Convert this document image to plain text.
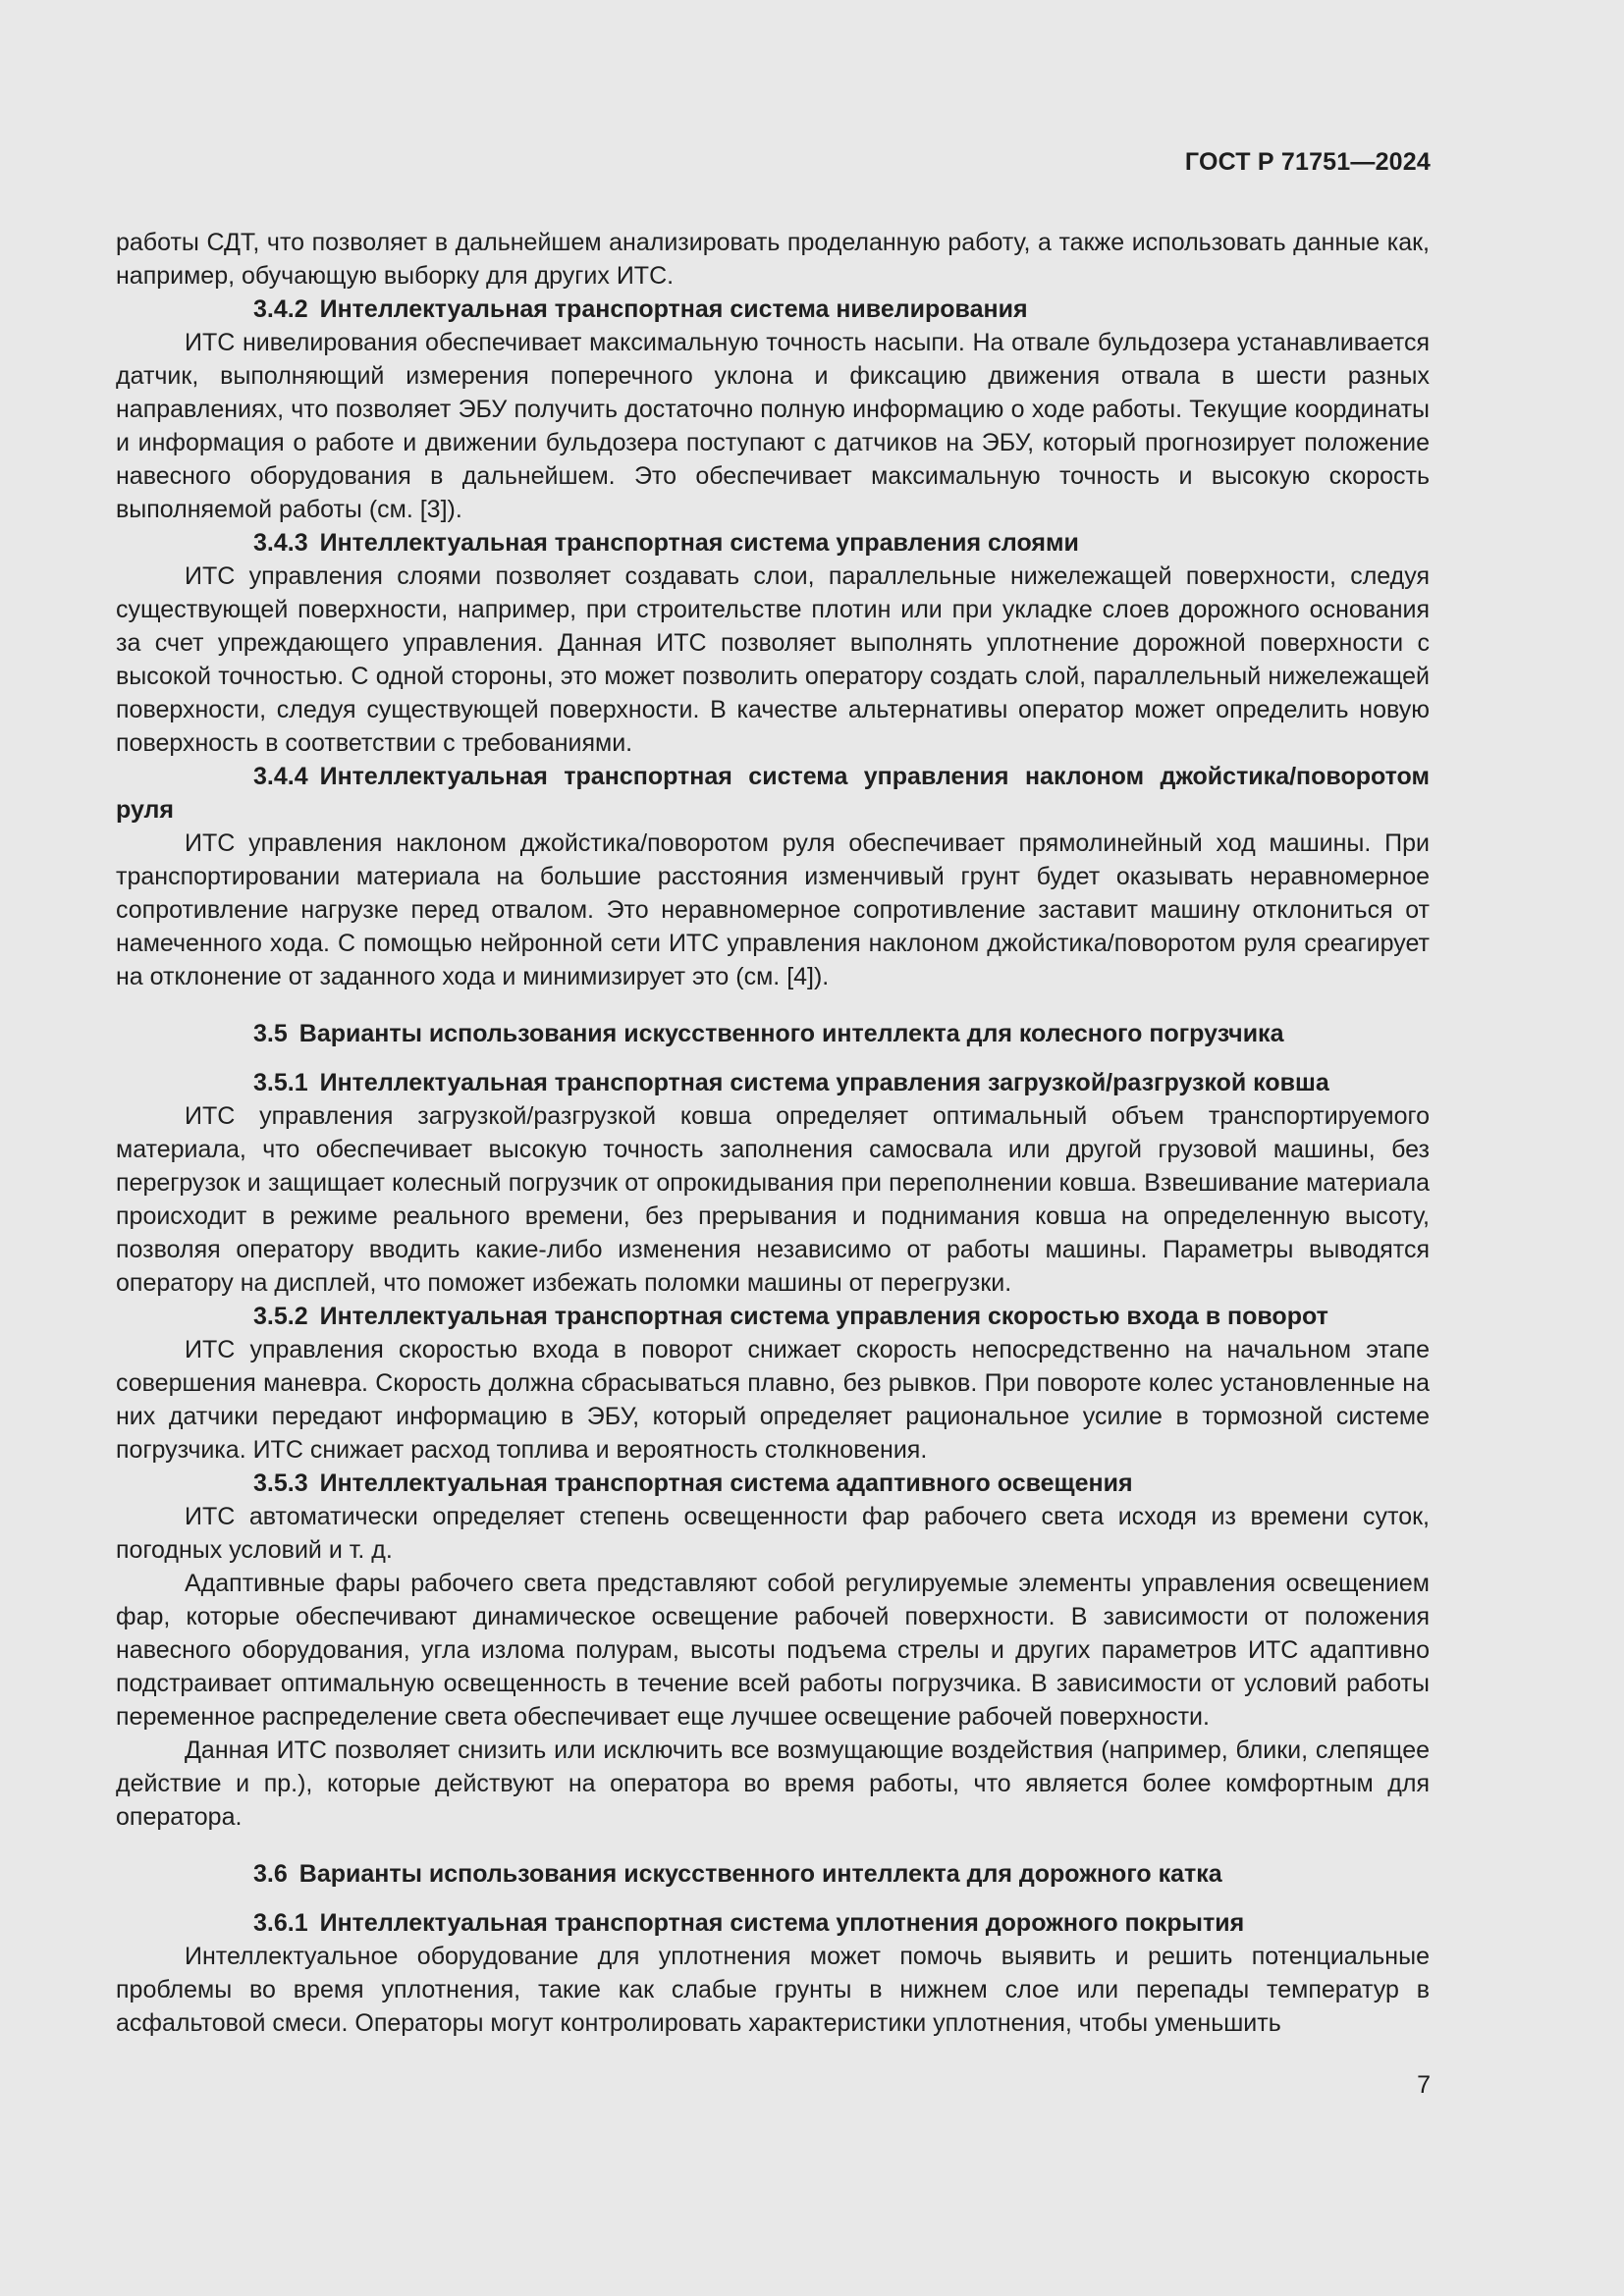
ГОСТ Р 71751—2024

работы СДТ, что позволяет в дальнейшем анализировать проделанную работу, а также использовать данные как, например, обучающую выборку для других ИТС.

3.4.2 Интеллектуальная транспортная система нивелирования

ИТС нивелирования обеспечивает максимальную точность насыпи. На отвале бульдозера устанавливается датчик, выполняющий измерения поперечного уклона и фиксацию движения отвала в шести разных направлениях, что позволяет ЭБУ получить достаточно полную информацию о ходе работы. Текущие координаты и информация о работе и движении бульдозера поступают с датчиков на ЭБУ, который прогнозирует положение навесного оборудования в дальнейшем. Это обеспечивает максимальную точность и высокую скорость выполняемой работы (см. [3]).

3.4.3 Интеллектуальная транспортная система управления слоями

ИТС управления слоями позволяет создавать слои, параллельные нижележащей поверхности, следуя существующей поверхности, например, при строительстве плотин или при укладке слоев дорожного основания за счет упреждающего управления. Данная ИТС позволяет выполнять уплотнение дорожной поверхности с высокой точностью. С одной стороны, это может позволить оператору создать слой, параллельный нижележащей поверхности, следуя существующей поверхности. В качестве альтернативы оператор может определить новую поверхность в соответствии с требованиями.

3.4.4 Интеллектуальная транспортная система управления наклоном джойстика/поворотом руля

ИТС управления наклоном джойстика/поворотом руля обеспечивает прямолинейный ход машины. При транспортировании материала на большие расстояния изменчивый грунт будет оказывать неравномерное сопротивление нагрузке перед отвалом. Это неравномерное сопротивление заставит машину отклониться от намеченного хода. С помощью нейронной сети ИТС управления наклоном джойстика/поворотом руля среагирует на отклонение от заданного хода и минимизирует это (см. [4]).

3.5 Варианты использования искусственного интеллекта для колесного погрузчика

3.5.1 Интеллектуальная транспортная система управления загрузкой/разгрузкой ковша

ИТС управления загрузкой/разгрузкой ковша определяет оптимальный объем транспортируемого материала, что обеспечивает высокую точность заполнения самосвала или другой грузовой машины, без перегрузок и защищает колесный погрузчик от опрокидывания при переполнении ковша. Взвешивание материала происходит в режиме реального времени, без прерывания и поднимания ковша на определенную высоту, позволяя оператору вводить какие-либо изменения независимо от работы машины. Параметры выводятся оператору на дисплей, что поможет избежать поломки машины от перегрузки.

3.5.2 Интеллектуальная транспортная система управления скоростью входа в поворот

ИТС управления скоростью входа в поворот снижает скорость непосредственно на начальном этапе совершения маневра. Скорость должна сбрасываться плавно, без рывков. При повороте колес установленные на них датчики передают информацию в ЭБУ, который определяет рациональное усилие в тормозной системе погрузчика. ИТС снижает расход топлива и вероятность столкновения.

3.5.3 Интеллектуальная транспортная система адаптивного освещения

ИТС автоматически определяет степень освещенности фар рабочего света исходя из времени суток, погодных условий и т. д.

Адаптивные фары рабочего света представляют собой регулируемые элементы управления освещением фар, которые обеспечивают динамическое освещение рабочей поверхности. В зависимости от положения навесного оборудования, угла излома полурам, высоты подъема стрелы и других параметров ИТС адаптивно подстраивает оптимальную освещенность в течение всей работы погрузчика. В зависимости от условий работы переменное распределение света обеспечивает еще лучшее освещение рабочей поверхности.

Данная ИТС позволяет снизить или исключить все возмущающие воздействия (например, блики, слепящее действие и пр.), которые действуют на оператора во время работы, что является более комфортным для оператора.

3.6 Варианты использования искусственного интеллекта для дорожного катка

3.6.1 Интеллектуальная транспортная система уплотнения дорожного покрытия

Интеллектуальное оборудование для уплотнения может помочь выявить и решить потенциальные проблемы во время уплотнения, такие как слабые грунты в нижнем слое или перепады температур в асфальтовой смеси. Операторы могут контролировать характеристики уплотнения, чтобы уменьшить

7
